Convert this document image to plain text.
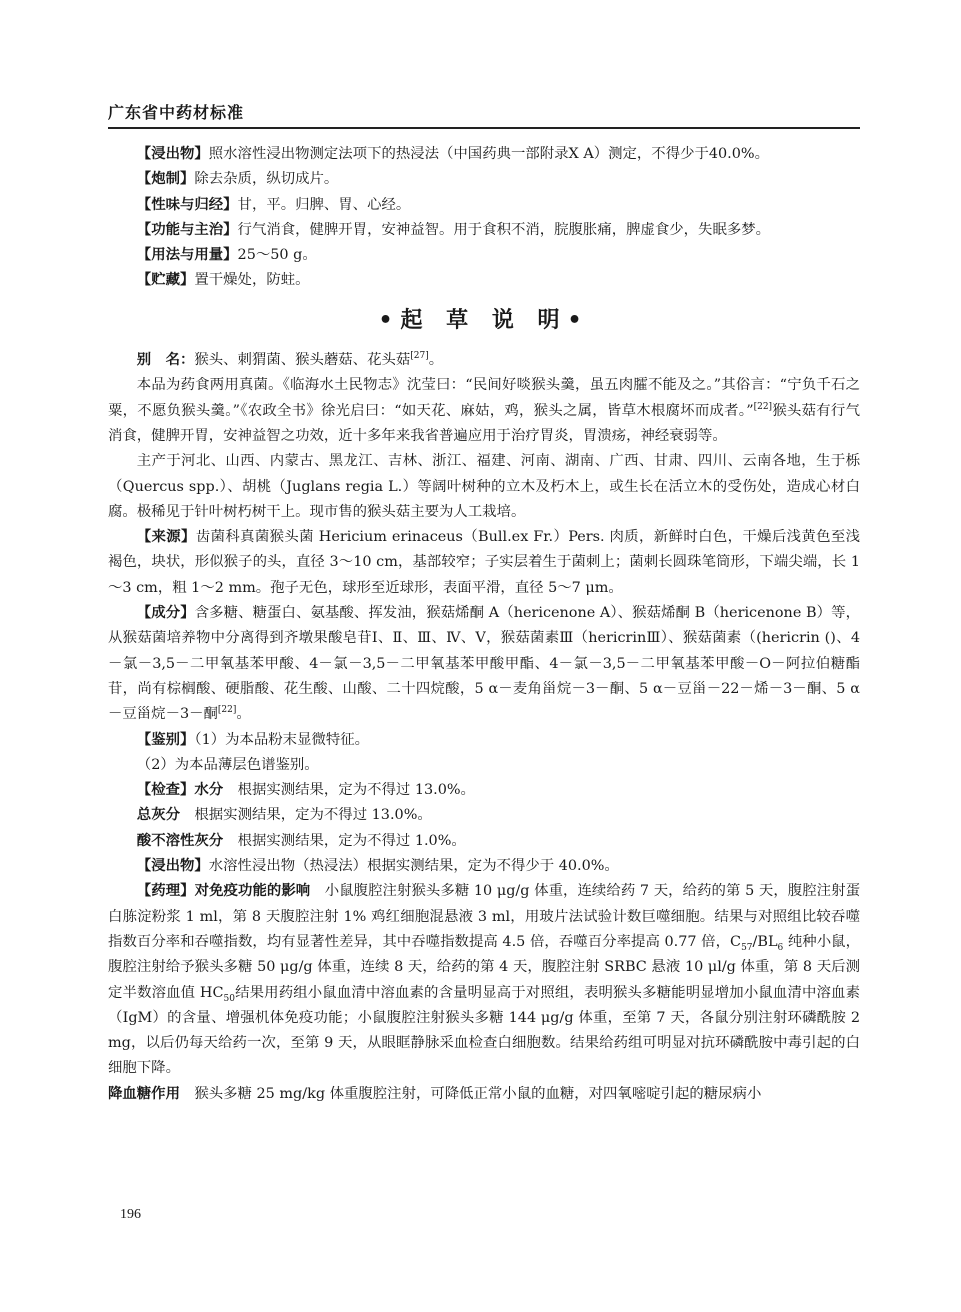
广东省中药材标准

【浸出物】照水溶性浸出物测定法项下的热浸法（中国药典一部附录Ⅹ A）测定，不得少于40.0%。

【炮制】除去杂质，纵切成片。

【性味与归经】甘，平。归脾、胃、心经。

【功能与主治】行气消食，健脾开胃，安神益智。用于食积不消，脘腹胀痛，脾虚食少，失眠多梦。

【用法与用量】25～50 g。

【贮藏】置干燥处，防蛀。

•起 草 说 明•

别　名：猴头、刺猬菌、猴头蘑菇、花头菇[27]。

本品为药食两用真菌。《临海水土民物志》沈莹曰：“民间好啖猴头羹，虽五肉臛不能及之。”其俗言：“宁负千石之粟，不愿负猴头羹。”《农政全书》徐光启曰：“如天花、麻姑，鸡，猴头之属，皆草木根腐坏而成者。”[22]猴头菇有行气消食，健脾开胃，安神益智之功效，近十多年来我省普遍应用于治疗胃炎，胃溃疡，神经衰弱等。

主产于河北、山西、内蒙古、黑龙江、吉林、浙江、福建、河南、湖南、广西、甘肃、四川、云南各地，生于栎（Quercus spp.）、胡桃（Juglans regia L.）等阔叶树种的立木及朽木上，或生长在活立木的受伤处，造成心材白腐。极稀见于针叶树朽树干上。现市售的猴头菇主要为人工栽培。

【来源】齿菌科真菌猴头菌 Hericium erinaceus（Bull.ex Fr.）Pers. 肉质，新鲜时白色，干燥后浅黄色至浅褐色，块状，形似猴子的头，直径 3～10 cm，基部较窄；子实层着生于菌刺上；菌刺长圆珠笔筒形，下端尖端，长 1～3 cm，粗 1～2 mm。孢子无色，球形至近球形，表面平滑，直径 5～7 μm。

【成分】含多糖、糖蛋白、氨基酸、挥发油，猴菇烯酮 A（hericenone A）、猴菇烯酮 B（hericenone B）等，从猴菇菌培养物中分离得到齐墩果酸皂苷Ⅰ、Ⅱ、Ⅲ、Ⅳ、Ⅴ，猴菇菌素Ⅲ（hericrinⅢ）、猴菇菌素（(hericrin ()、4－氯－3,5－二甲氧基苯甲酸、4－氯－3,5－二甲氧基苯甲酸甲酯、4－氯－3,5－二甲氧基苯甲酸－O－阿拉伯糖酯苷，尚有棕榈酸、硬脂酸、花生酸、山酸、二十四烷酸，5 α－麦角甾烷－3－酮、5 α－豆甾－22－烯－3－酮、5 α－豆甾烷－3－酮[22]。

【鉴别】（1）为本品粉末显微特征。

（2）为本品薄层色谱鉴别。

【检查】水分　 根据实测结果，定为不得过 13.0%。

总灰分　 根据实测结果，定为不得过 13.0%。

酸不溶性灰分　 根据实测结果，定为不得过 1.0%。

【浸出物】水溶性浸出物（热浸法）根据实测结果，定为不得少于 40.0%。

【药理】对免疫功能的影响　 小鼠腹腔注射猴头多糖 10 μg/g 体重，连续给药 7 天，给药的第 5 天，腹腔注射蛋白胨淀粉浆 1 ml，第 8 天腹腔注射 1% 鸡红细胞混悬液 3 ml，用玻片法试验计数巨噬细胞。结果与对照组比较吞噬指数百分率和吞噬指数，均有显著性差异，其中吞噬指数提高 4.5 倍，吞噬百分率提高 0.77 倍，$C_{57}/BL_6$ 纯种小鼠，腹腔注射给予猴头多糖 50 μg/g 体重，连续 8 天，给药的第 4 天，腹腔注射 SRBC 悬液 10 μl/g 体重，第 8 天后测定半数溶血值 $HC_{50}$结果用药组小鼠血清中溶血素的含量明显高于对照组，表明猴头多糖能明显增加小鼠血清中溶血素（IgM）的含量、增强机体免疫功能；小鼠腹腔注射猴头多糖 144 μg/g 体重，至第 7 天，各鼠分别注射环磷酰胺 2 mg，以后仍每天给药一次，至第 9 天，从眼眶静脉采血检查白细胞数。结果给药组可明显对抗环磷酰胺中毒引起的白细胞下降。

降血糖作用　 猴头多糖 25 mg/kg 体重腹腔注射，可降低正常小鼠的血糖，对四氧嘧啶引起的糖尿病小

196
